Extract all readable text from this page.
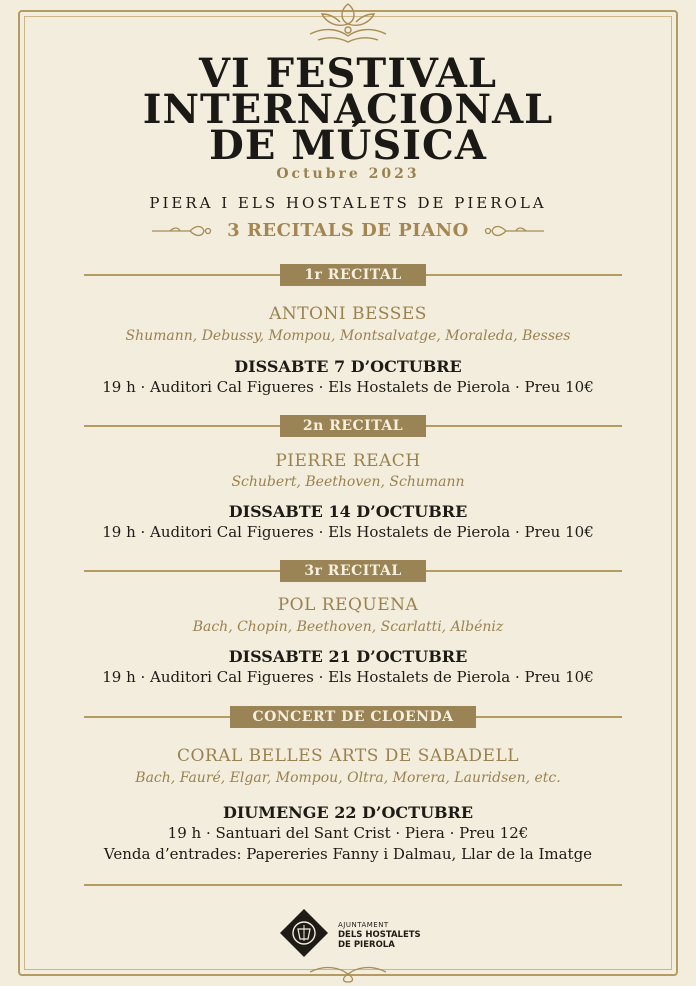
VI FESTIVAL
INTERNACIONAL
DE MÚSICA
Octubre 2023
PIERA I ELS HOSTALETS DE PIEROLA
3 RECITALS DE PIANO
1r RECITAL
ANTONI BESSES
Shumann, Debussy, Mompou, Montsalvatge, Moraleda, Besses
DISSABTE 7 D’OCTUBRE
19 h · Auditori Cal Figueres · Els Hostalets de Pierola · Preu 10€
2n RECITAL
PIERRE REACH
Schubert, Beethoven, Schumann
DISSABTE 14 D’OCTUBRE
19 h · Auditori Cal Figueres · Els Hostalets de Pierola · Preu 10€
3r RECITAL
POL REQUENA
Bach, Chopin, Beethoven, Scarlatti, Albéniz
DISSABTE 21 D’OCTUBRE
19 h · Auditori Cal Figueres · Els Hostalets de Pierola · Preu 10€
CONCERT DE CLOENDA
CORAL BELLES ARTS DE SABADELL
Bach, Fauré, Elgar, Mompou, Oltra, Morera, Lauridsen, etc.
DIUMENGE 22 D’OCTUBRE
19 h · Santuari del Sant Crist · Piera · Preu 12€
Venda d’entrades: Papereries Fanny i Dalmau, Llar de la Imatge
AJUNTAMENT
DELS HOSTALETS
DE PIEROLA
